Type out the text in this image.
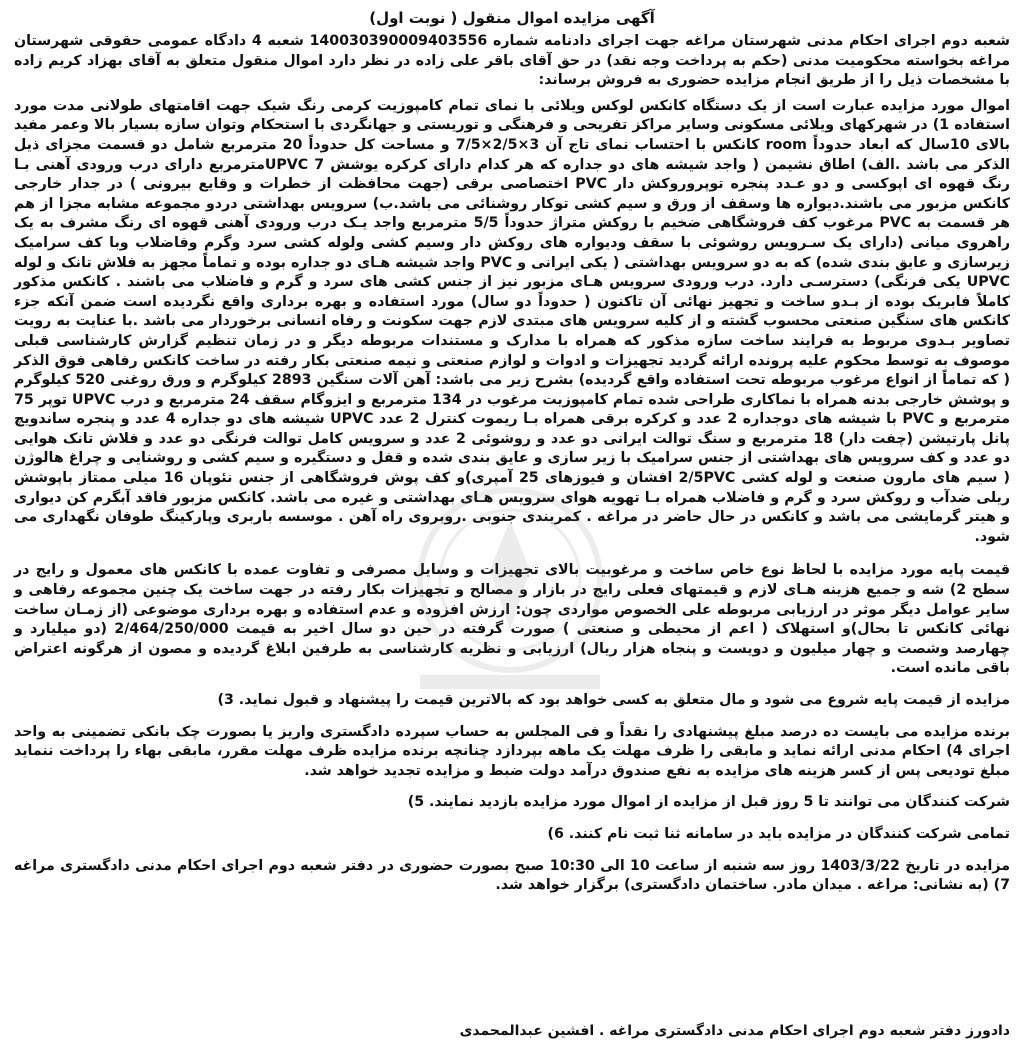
آگهی مزایده اموال منقول ( نوبت اول)

شعبه دوم اجرای احکام مدنی شهرستان مراغه جهت اجرای دادنامه شماره 140030390009403556 شعبه 4 دادگاه عمومی حقوقی شهرستان مراغه بخواسته محکومیت مدنی (حکم به پرداخت وجه نقد) در حق آقای باقر علی زاده در نظر دارد اموال منقول متعلق به آقای بهزاد کریم زاده با مشخصات ذیل را از طریق انجام مزایده حضوری به فروش برساند:

اموال مورد مزایده عبارت است از یک دستگاه کانکس لوکس ویلائی با نمای تمام کامپوزیت کرمی رنگ شیک جهت اقامتهای طولانی مدت مورد استفاده 1) در شهرکهای ویلائی مسکونی وسایر مراکز تفریحی و فرهنگی و توریستی و جهانگردی با استحکام وتوان سازه بسیار بالا وعمر مفید بالای 10سال که ابعاد حدوداً room کانکس با احتساب نمای تاج آن 3×2/5×7/5 و مساحت کل حدوداً 20 مترمربع شامل دو قسمت مجزای ذیل الذکر می باشد .الف) اطاق نشیمن ( واجد شیشه های دو جداره که هر کدام دارای کرکره یوشش UPVC 7مترمربع دارای درب ورودی آهنی بـا رنگ قهوه ای اپوکسی و دو عـدد پنجره توپروروکش دار PVC اختصاصی برقی (جهت محافظت از خطرات و وقایع بیرونی ) در جدار خارجی کانکس مزبور می باشند.دیواره ها وسقف از ورق و سیم کشی توکار روشنائی می باشد.ب) سرویس بهداشتی دردو مجموعه مشابه مجزا از هم هر قسمت به PVC مرغوب کف فروشگاهی ضخیم با روکش متراژ حدوداً 5/5 مترمربع واجد یـک درب ورودی آهنی قهوه ای رنگ مشرف به یک راهروی میانی (دارای یک سـرویس روشوئی با سقف ودیواره های روکش دار وسیم کشی ولوله کشی سرد وگرم وفاضلاب وبا کف سرامیک زیرسازی و عایق بندی شده) که به دو سرویس بهداشتی ( یکی ایرانی و PVC واجد شیشه هـای دو جداره بوده و تماماً مجهز به فلاش تانک و لوله UPVC یکی فرنگی) دسترسـی دارد. درب ورودی سرویس هـای مزبور نیز از جنس کشی های سرد و گرم و فاضلاب می باشند . کانکس مذکور کاملاً فابریک بوده از بـدو ساخت و تجهیز نهائی آن تاکنون ( حدوداً دو سال) مورد استفاده و بهره برداری واقع نگردیده است ضمن آنکه جزء کانکس های سنگین صنعتی محسوب گشته و از کلیه سرویس های مبتدی لازم جهت سکونت و رفاه انسانی برخوردار می باشد .با عنایت به رویت تصاویر بـدوی مربوط به فرایند ساخت سازه مذکور که همراه با مدارک و مستندات مربوطه دیگر و در زمان تنظیم گزارش کارشناسی قبلی موصوف به توسط محکوم علیه پرونده ارائه گردید تجهیزات و ادوات و لوازم صنعتی و نیمه صنعتی بکار رفته در ساخت کانکس رفاهی فوق الذکر ( که تماماً از انواع مرغوب مربوطه تحت استفاده واقع گردیده) بشرح زیر می باشد: آهن آلات سنگین 2893 کیلوگرم و ورق روغنی 520 کیلوگرم و پوشش خارجی بدنه همراه با نماکاری طراحی شده تمام کامپوزیت مرغوب در 134 مترمربع و ایزوگام سقف 24 مترمربع و درب UPVC توپر 75 مترمربع و PVC با شیشه های دوجداره 2 عدد و کرکره برقی همراه بـا ریموت کنترل 2 عدد UPVC شیشه های دو جداره 4 عدد و پنجره ساندویچ پانل پارتیشن (چفت دار) 18 مترمربع و سنگ توالت ایرانی دو عدد و روشوئی 2 عدد و سرویس کامل توالت فرنگی دو عدد و فلاش تانک هوایی دو عدد و کف سرویس های بهداشتی از جنس سرامیک با زیر سازی و عایق بندی شده و قفل و دستگیره و سیم کشی و روشنایی و چراغ هالوژن ( سیم های مارون صنعت و لوله کشی 2/5PVC افشان و فیوزهای 25 آمپری)و کف پوش فروشگاهی از جنس نئوپان 16 میلی ممتاز باپوشش ریلی ضدآب و روکش سرد و گرم و فاضلاب همراه بـا تهویه هوای سرویس هـای بهداشتی و غیره می باشد. کانکس مزبور فاقد آبگرم کن دیواری و هیتر گرمایشی می باشد و کانکس در حال حاضر در مراغه . کمربندی جنوبی .روبروی راه آهن . موسسه باربری وپارکینگ طوفان نگهداری می شود.

قیمت پایه مورد مزایده با لحاظ نوع خاص ساخت و مرغوبیت بالای تجهیزات و وسایل مصرفی و تفاوت عمده با کانکس های معمول و رایج در سطح 2) شه و جمیع هزینه هـای لازم و قیمتهای فعلی رایج در بازار و مصالح و تجهیزات بکار رفته در جهت ساخت یک چنین مجموعه رفاهی و سایر عوامل دیگر موثر در ارزیابی مربوطه علی الخصوص مواردی چون: ارزش افزوده و عدم استفاده و بهره برداری موضوعی (از زمـان ساخت نهائی کانکس تا بحال)و استهلاک ( اعم از محیطی و صنعتی ) صورت گرفته در حین دو سال اخیر به قیمت 2/464/250/000 (دو میلیارد و چهارصد وشصت و چهار میلیون و دویست و پنجاه هزار ریال) ارزیابی و نظریه کارشناسی به طرفین ابلاغ گردیده و مصون از هرگونه اعتراض باقی مانده است.

مزایده از قیمت پایه شروع می شود و مال متعلق به کسی خواهد بود که بالاترین قیمت را پیشنهاد و قبول نماید. 3)

برنده مزایده می بایست ده درصد مبلغ پیشنهادی را نقداً و فی المجلس به حساب سپرده دادگستری واریز یا بصورت چک بانکی تضمینی به واحد اجرای 4) احکام مدنی ارائه نماید و مابقی را ظرف مهلت یک ماهه بپردازد چنانچه برنده مزایده ظرف مهلت مقرر، مابقی بهاء را پرداخت ننماید مبلغ تودیعی پس از کسر هزینه های مزایده به نفع صندوق درآمد دولت ضبط و مزایده تجدید خواهد شد.

شرکت کنندگان می توانند تا 5 روز قبل از مزایده از اموال مورد مزایده بازدید نمایند. 5)

تمامی شرکت کنندگان در مزایده باید در سامانه ثنا ثبت نام کنند. 6)

مزایده در تاریخ 1403/3/22 روز سه شنبه از ساعت 10 الی 10:30 صبح بصورت حضوری در دفتر شعبه دوم اجرای احکام مدنی دادگستری مراغه 7) (به نشانی: مراغه . میدان مادر. ساختمان دادگستری) برگزار خواهد شد.

دادورز دفتر شعبه دوم اجرای احکام مدنی دادگستری مراغه . افشین عبدالمحمدی
